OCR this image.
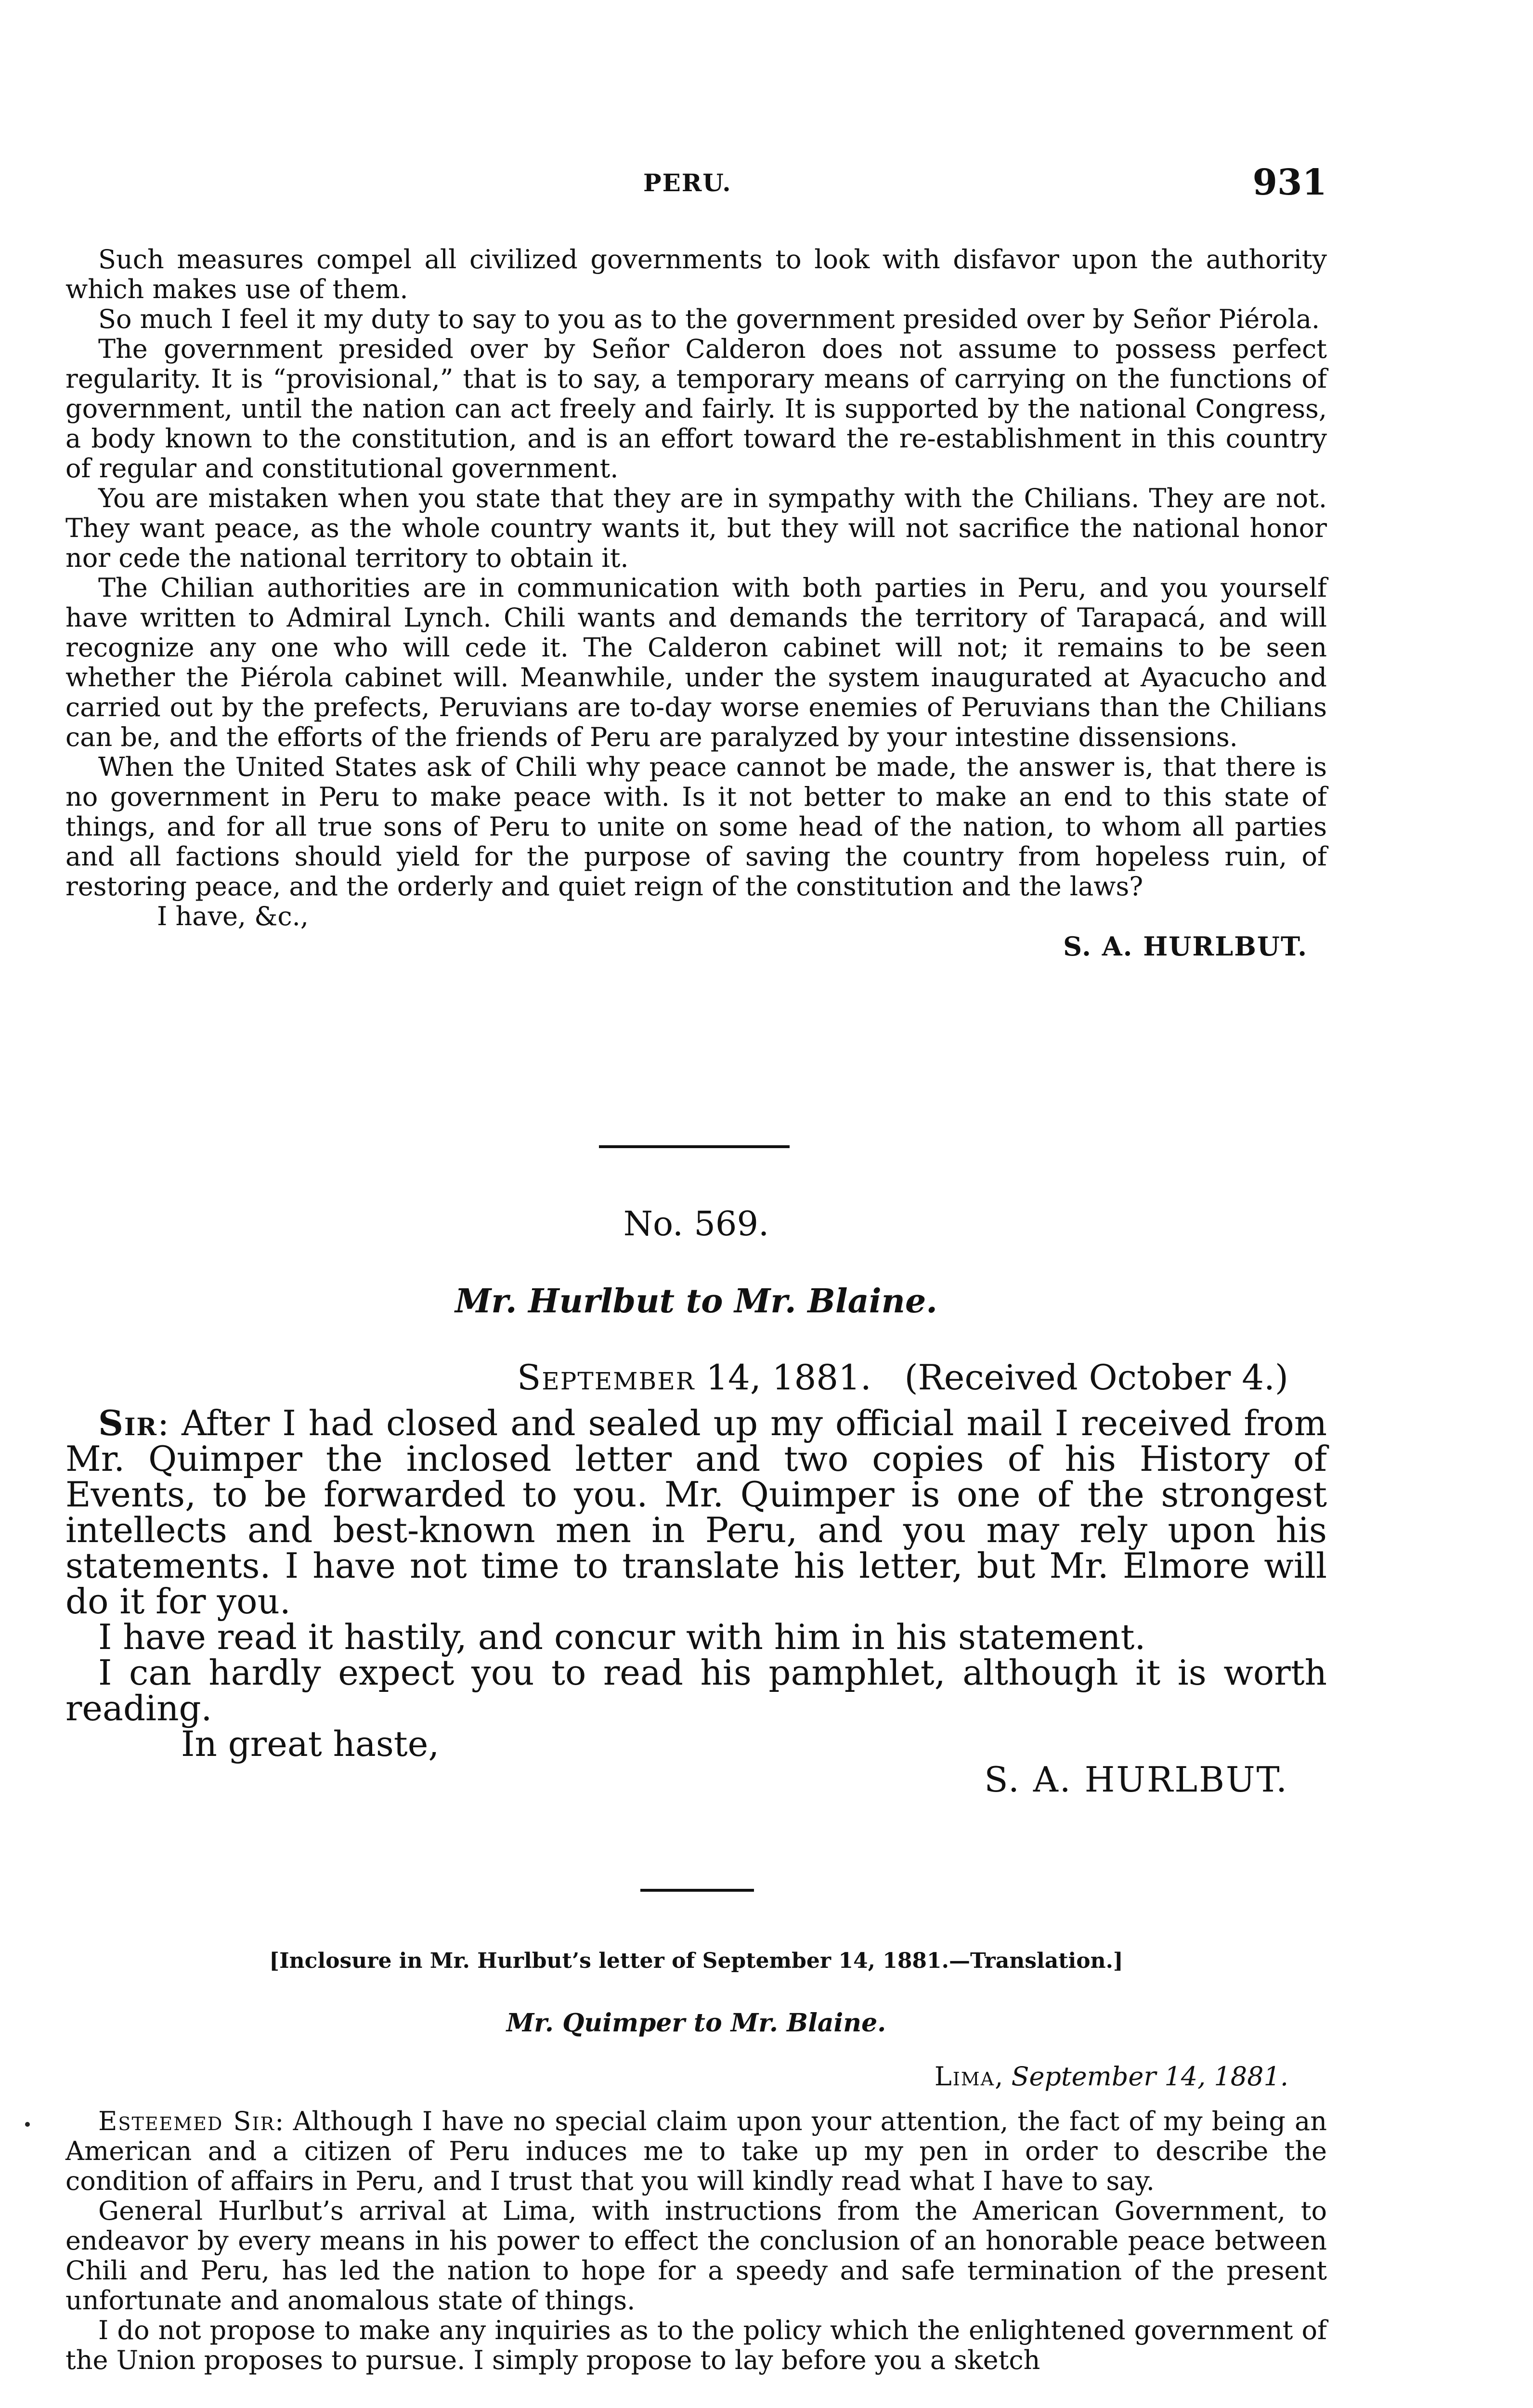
PERU.	931

Such measures compel all civilized governments to look with disfavor upon the authority which makes use of them.

So much I feel it my duty to say to you as to the government presided over by Señor Piérola.

The government presided over by Señor Calderon does not assume to possess perfect regularity. It is “provisional,” that is to say, a temporary means of carrying on the functions of government, until the nation can act freely and fairly. It is supported by the national Congress, a body known to the constitution, and is an effort toward the re-establishment in this country of regular and constitutional government.

You are mistaken when you state that they are in sympathy with the Chilians. They are not. They want peace, as the whole country wants it, but they will not sacrifice the national honor nor cede the national territory to obtain it.

The Chilian authorities are in communication with both parties in Peru, and you yourself have written to Admiral Lynch. Chili wants and demands the territory of Tarapacá, and will recognize any one who will cede it. The Calderon cabinet will not; it remains to be seen whether the Piérola cabinet will. Meanwhile, under the system inaugurated at Ayacucho and carried out by the prefects, Peruvians are to-day worse enemies of Peruvians than the Chilians can be, and the efforts of the friends of Peru are paralyzed by your intestine dissensions.

When the United States ask of Chili why peace cannot be made, the answer is, that there is no government in Peru to make peace with. Is it not better to make an end to this state of things, and for all true sons of Peru to unite on some head of the nation, to whom all parties and all factions should yield for the purpose of saving the country from hopeless ruin, of restoring peace, and the orderly and quiet reign of the constitution and the laws?

I have, &c.,

S. A. HURLBUT.

No. 569.
Mr. Hurlbut to Mr. Blaine.
September 14, 1881. (Received October 4.)

Sir: After I had closed and sealed up my official mail I received from Mr. Quimper the inclosed letter and two copies of his History of Events, to be forwarded to you. Mr. Quimper is one of the strongest intellects and best-known men in Peru, and you may rely upon his statements. I have not time to translate his letter, but Mr. Elmore will do it for you.

I have read it hastily, and concur with him in his statement.

I can hardly expect you to read his pamphlet, although it is worth reading.

In great haste,

S. A. HURLBUT.

[Inclosure in Mr. Hurlbut’s letter of September 14, 1881.—Translation.]
Mr. Quimper to Mr. Blaine.
Lima, September 14, 1881.

Esteemed Sir: Although I have no special claim upon your attention, the fact of my being an American and a citizen of Peru induces me to take up my pen in order to describe the condition of affairs in Peru, and I trust that you will kindly read what I have to say.

General Hurlbut’s arrival at Lima, with instructions from the American Government, to endeavor by every means in his power to effect the conclusion of an honorable peace between Chili and Peru, has led the nation to hope for a speedy and safe termination of the present unfortunate and anomalous state of things.

I do not propose to make any inquiries as to the policy which the enlightened government of the Union proposes to pursue. I simply propose to lay before you a sketch
